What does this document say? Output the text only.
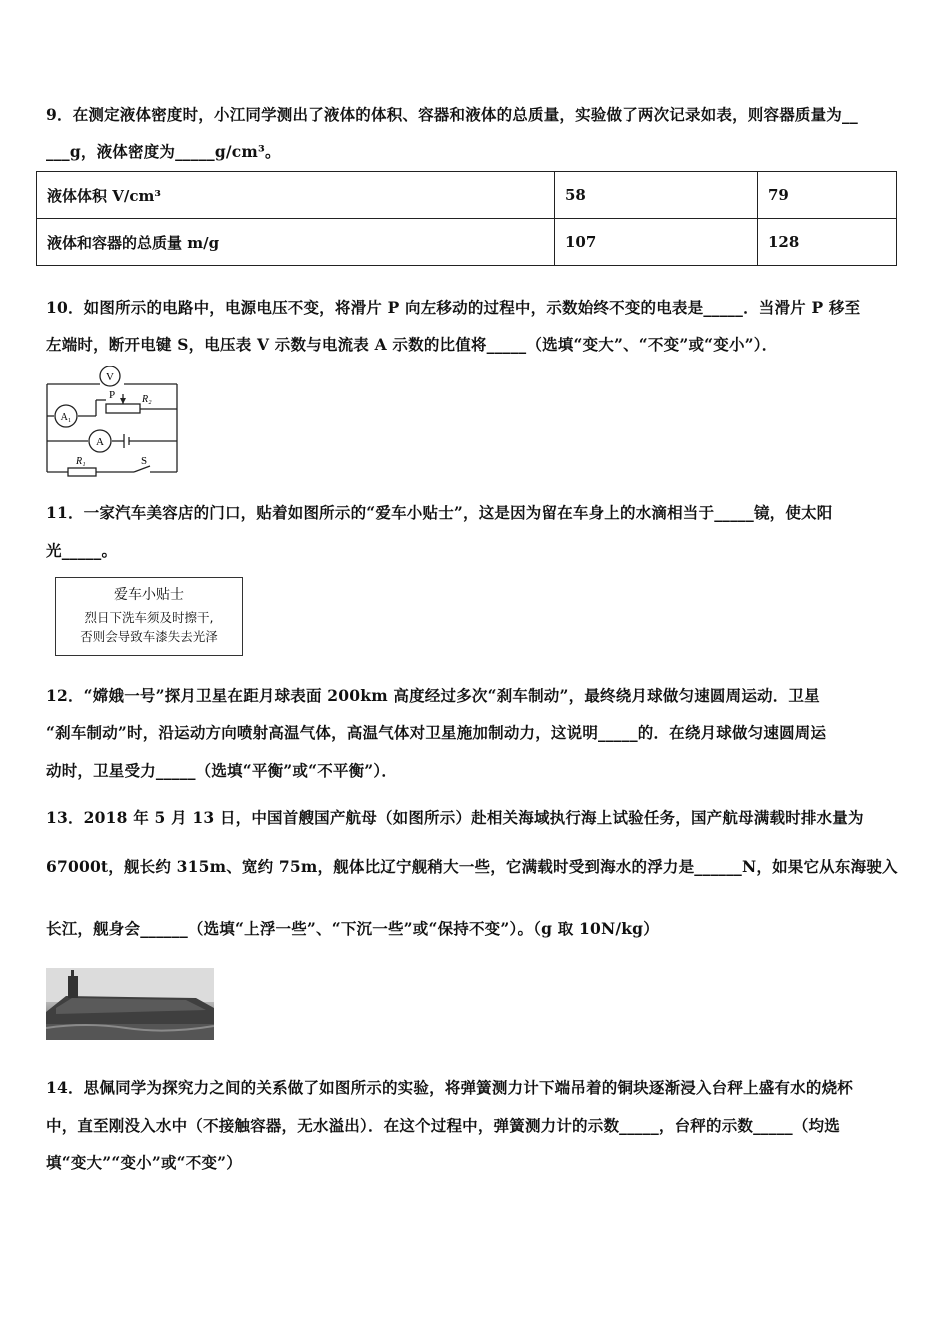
9．在测定液体密度时，小江同学测出了液体的体积、容器和液体的总质量，实验做了两次记录如表，则容器质量为__
___g，液体密度为_____g/cm³。
液体体积 V/cm³	58	79
液体和容器的总质量 m/g	107	128
10．如图所示的电路中，电源电压不变，将滑片 P 向左移动的过程中，示数始终不变的电表是_____．当滑片 P 移至
左端时，断开电键 S，电压表 V 示数与电流表 A 示数的比值将_____（选填“变大”、“不变”或“变小”）．
V
A₁
A
P	R₂
R₁	S
11．一家汽车美容店的门口，贴着如图所示的“爱车小贴士”，这是因为留在车身上的水滴相当于_____镜，使太阳
光_____。
爱车小贴士
烈日下洗车须及时擦干,
否则会导致车漆失去光泽
12．“嫦娥一号”探月卫星在距月球表面 200km 高度经过多次“刹车制动”，最终绕月球做匀速圆周运动．卫星
“刹车制动”时，沿运动方向喷射高温气体，高温气体对卫星施加制动力，这说明_____的．在绕月球做匀速圆周运
动时，卫星受力_____（选填“平衡”或“不平衡”）．
13．2018 年 5 月 13 日，中国首艘国产航母（如图所示）赴相关海域执行海上试验任务，国产航母满载时排水量为
67000t，舰长约 315m、宽约 75m，舰体比辽宁舰稍大一些，它满载时受到海水的浮力是______N，如果它从东海驶入
长江，舰身会______（选填“上浮一些”、“下沉一些”或“保持不变”）。（g 取 10N/kg）
14．思佩同学为探究力之间的关系做了如图所示的实验，将弹簧测力计下端吊着的铜块逐渐浸入台秤上盛有水的烧杯
中，直至刚没入水中（不接触容器，无水溢出）．在这个过程中，弹簧测力计的示数_____，台秤的示数_____（均选
填“变大”“变小”或“不变”）
